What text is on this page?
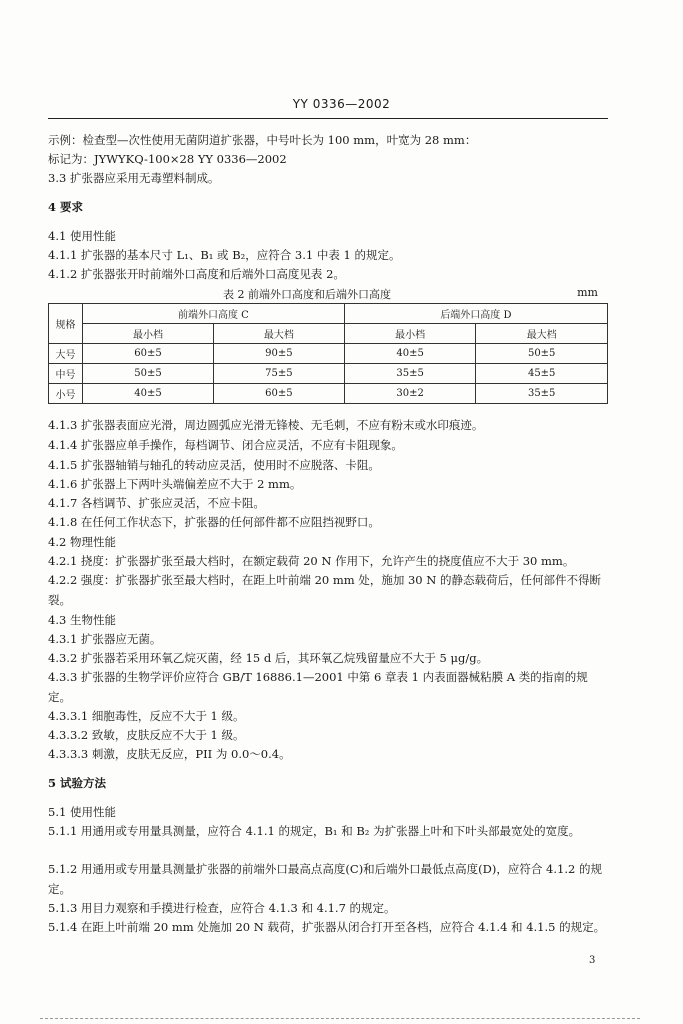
YY 0336—2002
示例：检查型—次性使用无菌阴道扩张器，中号叶长为 100 mm，叶宽为 28 mm：
标记为：JYWYKQ-100×28 YY 0336—2002
3.3 扩张器应采用无毒塑料制成。
4 要求
4.1 使用性能
4.1.1 扩张器的基本尺寸 L₁、B₁ 或 B₂，应符合 3.1 中表 1 的规定。
4.1.2 扩张器张开时前端外口高度和后端外口高度见表 2。
表 2 前端外口高度和后端外口高度	mm
规格	前端外口高度 C		后端外口高度 D	
	最小档	最大档	最小档	最大档
大号	60±5	90±5	40±5	50±5
中号	50±5	75±5	35±5	45±5
小号	40±5	60±5	30±2	35±5
4.1.3 扩张器表面应光滑，周边圆弧应光滑无锋棱、无毛刺，不应有粉末或水印痕迹。
4.1.4 扩张器应单手操作，每档调节、闭合应灵活，不应有卡阻现象。
4.1.5 扩张器轴销与轴孔的转动应灵活，使用时不应脱落、卡阻。
4.1.6 扩张器上下两叶头端偏差应不大于 2 mm。
4.1.7 各档调节、扩张应灵活，不应卡阻。
4.1.8 在任何工作状态下，扩张器的任何部件都不应阻挡视野口。
4.2 物理性能
4.2.1 挠度：扩张器扩张至最大档时，在额定载荷 20 N 作用下，允许产生的挠度值应不大于 30 mm。
4.2.2 强度：扩张器扩张至最大档时，在距上叶前端 20 mm 处，施加 30 N 的静态载荷后，任何部件不得断裂。
4.3 生物性能
4.3.1 扩张器应无菌。
4.3.2 扩张器若采用环氧乙烷灭菌，经 15 d 后，其环氧乙烷残留量应不大于 5 μg/g。
4.3.3 扩张器的生物学评价应符合 GB/T 16886.1—2001 中第 6 章表 1 内表面器械粘膜 A 类的指南的规定。
4.3.3.1 细胞毒性，反应不大于 1 级。
4.3.3.2 致敏，皮肤反应不大于 1 级。
4.3.3.3 刺激，皮肤无反应，PII 为 0.0～0.4。
5 试验方法
5.1 使用性能
5.1.1 用通用或专用量具测量，应符合 4.1.1 的规定，B₁ 和 B₂ 为扩张器上叶和下叶头部最宽处的宽度。
5.1.2 用通用或专用量具测量扩张器的前端外口最高点高度(C)和后端外口最低点高度(D)，应符合 4.1.2 的规定。
5.1.3 用目力观察和手摸进行检查，应符合 4.1.3 和 4.1.7 的规定。
5.1.4 在距上叶前端 20 mm 处施加 20 N 载荷，扩张器从闭合打开至各档，应符合 4.1.4 和 4.1.5 的规定。
3
